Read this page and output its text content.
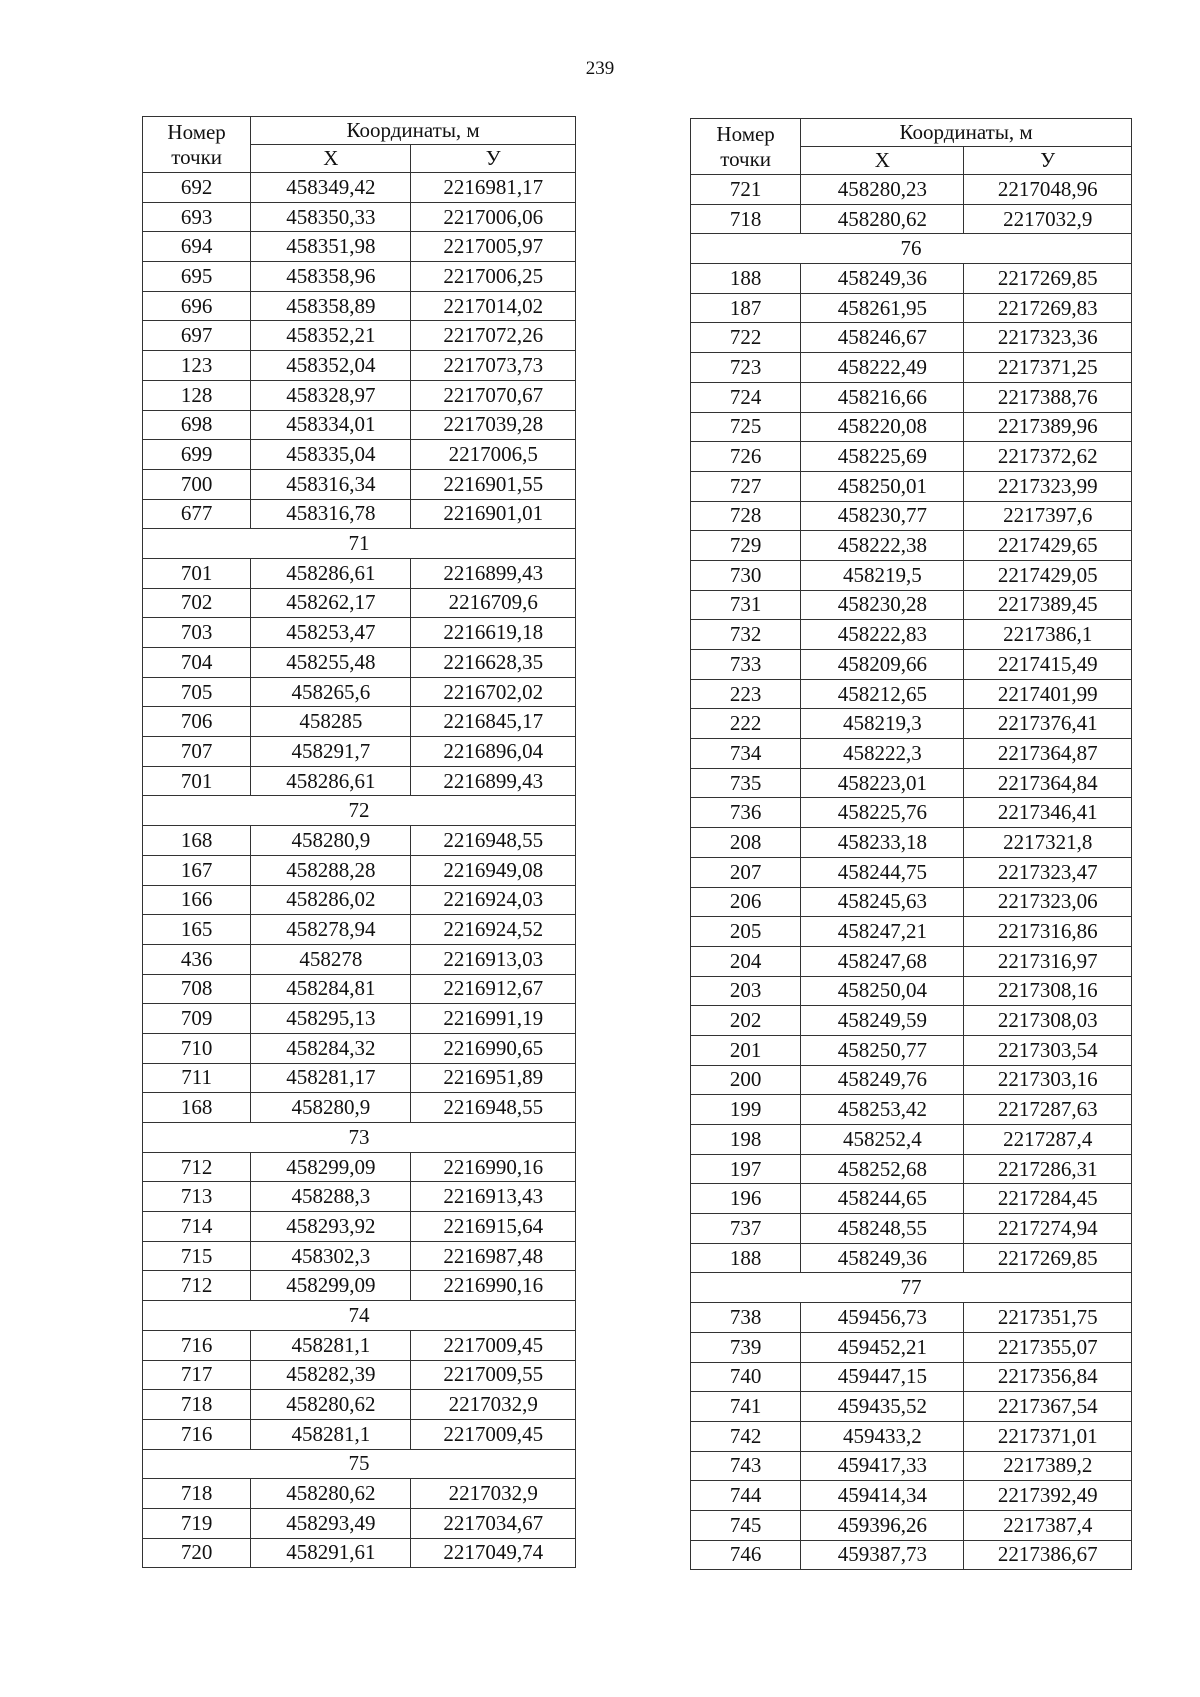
239
Номер
точки	Координаты, м	
	Х	У
692	458349,42	2216981,17
693	458350,33	2217006,06
694	458351,98	2217005,97
695	458358,96	2217006,25
696	458358,89	2217014,02
697	458352,21	2217072,26
123	458352,04	2217073,73
128	458328,97	2217070,67
698	458334,01	2217039,28
699	458335,04	2217006,5
700	458316,34	2216901,55
677	458316,78	2216901,01
71		
701	458286,61	2216899,43
702	458262,17	2216709,6
703	458253,47	2216619,18
704	458255,48	2216628,35
705	458265,6	2216702,02
706	458285	2216845,17
707	458291,7	2216896,04
701	458286,61	2216899,43
72		
168	458280,9	2216948,55
167	458288,28	2216949,08
166	458286,02	2216924,03
165	458278,94	2216924,52
436	458278	2216913,03
708	458284,81	2216912,67
709	458295,13	2216991,19
710	458284,32	2216990,65
711	458281,17	2216951,89
168	458280,9	2216948,55
73		
712	458299,09	2216990,16
713	458288,3	2216913,43
714	458293,92	2216915,64
715	458302,3	2216987,48
712	458299,09	2216990,16
74		
716	458281,1	2217009,45
717	458282,39	2217009,55
718	458280,62	2217032,9
716	458281,1	2217009,45
75		
718	458280,62	2217032,9
719	458293,49	2217034,67
720	458291,61	2217049,74
Номер
точки	Координаты, м	
	Х	У
721	458280,23	2217048,96
718	458280,62	2217032,9
76		
188	458249,36	2217269,85
187	458261,95	2217269,83
722	458246,67	2217323,36
723	458222,49	2217371,25
724	458216,66	2217388,76
725	458220,08	2217389,96
726	458225,69	2217372,62
727	458250,01	2217323,99
728	458230,77	2217397,6
729	458222,38	2217429,65
730	458219,5	2217429,05
731	458230,28	2217389,45
732	458222,83	2217386,1
733	458209,66	2217415,49
223	458212,65	2217401,99
222	458219,3	2217376,41
734	458222,3	2217364,87
735	458223,01	2217364,84
736	458225,76	2217346,41
208	458233,18	2217321,8
207	458244,75	2217323,47
206	458245,63	2217323,06
205	458247,21	2217316,86
204	458247,68	2217316,97
203	458250,04	2217308,16
202	458249,59	2217308,03
201	458250,77	2217303,54
200	458249,76	2217303,16
199	458253,42	2217287,63
198	458252,4	2217287,4
197	458252,68	2217286,31
196	458244,65	2217284,45
737	458248,55	2217274,94
188	458249,36	2217269,85
77		
738	459456,73	2217351,75
739	459452,21	2217355,07
740	459447,15	2217356,84
741	459435,52	2217367,54
742	459433,2	2217371,01
743	459417,33	2217389,2
744	459414,34	2217392,49
745	459396,26	2217387,4
746	459387,73	2217386,67
